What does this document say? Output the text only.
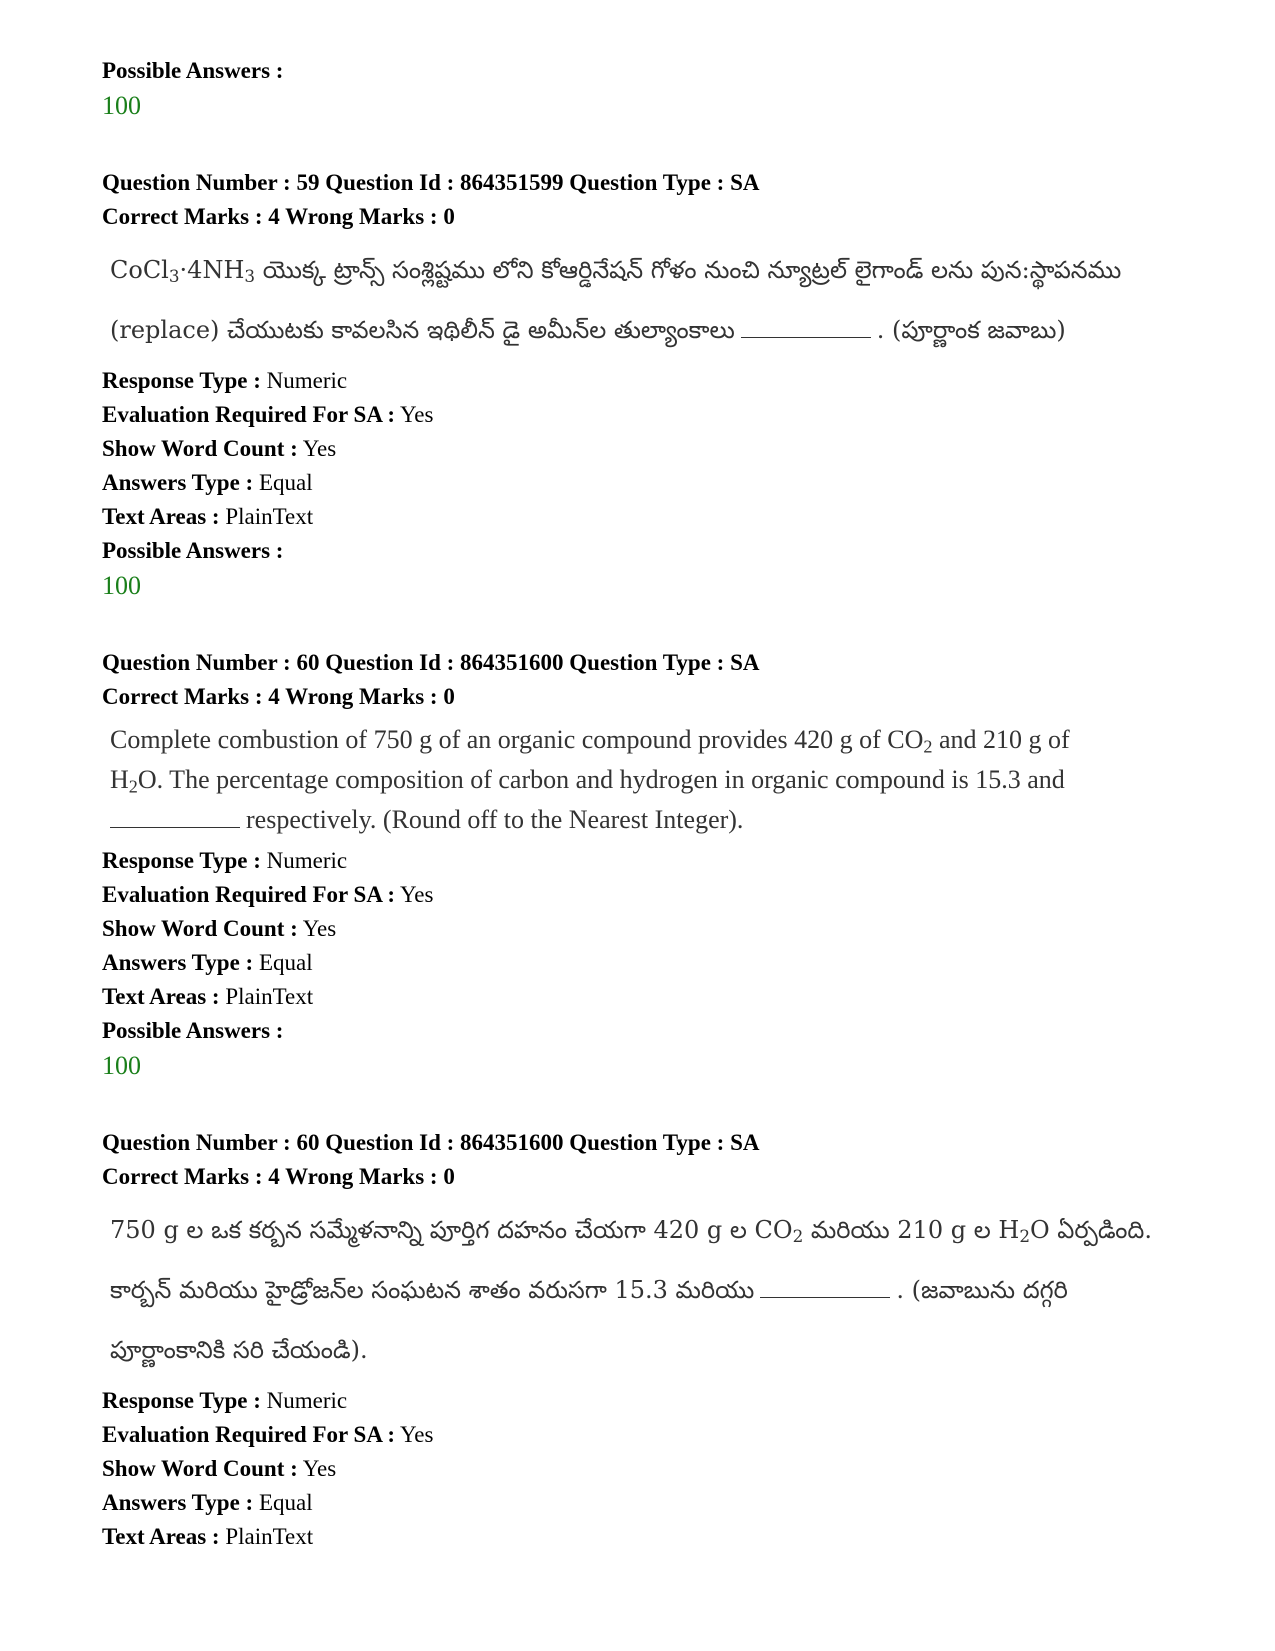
Possible Answers :
100
Question Number : 59 Question Id : 864351599 Question Type : SA
Correct Marks : 4 Wrong Marks : 0
$CoCl_3\cdot 4NH_3$ యొక్క ట్రాన్స్ సంశ్లిష్టము లోని కోఆర్డినేషన్ గోళం నుంచి న్యూట్రల్ లైగాండ్ లను పున:స్థాపనము
(replace) చేయుటకు కావలసిన ఇథిలీన్ డై అమీన్‌ల తుల్యాంకాలు	. (పూర్ణాంక జవాబు)
Response Type : Numeric
Evaluation Required For SA : Yes
Show Word Count : Yes
Answers Type : Equal
Text Areas : PlainText
Possible Answers :
100
Question Number : 60 Question Id : 864351600 Question Type : SA
Correct Marks : 4 Wrong Marks : 0
Complete combustion of 750 g of an organic compound provides 420 g of $CO_2$ and 210 g of
$H_2O$. The percentage composition of carbon and hydrogen in organic compound is 15.3 and
respectively. (Round off to the Nearest Integer).
Response Type : Numeric
Evaluation Required For SA : Yes
Show Word Count : Yes
Answers Type : Equal
Text Areas : PlainText
Possible Answers :
100
Question Number : 60 Question Id : 864351600 Question Type : SA
Correct Marks : 4 Wrong Marks : 0
750 g ల ఒక కర్బన సమ్మేళనాన్ని పూర్తిగ దహనం చేయగా 420 g ల $CO_2$ మరియు 210 g ల $H_2O$ ఏర్పడింది.
కార్బన్ మరియు హైడ్రోజన్‌ల సంఘటన శాతం వరుసగా 15.3 మరియు	. (జవాబును దగ్గరి
పూర్ణాంకానికి సరి చేయండి).
Response Type : Numeric
Evaluation Required For SA : Yes
Show Word Count : Yes
Answers Type : Equal
Text Areas : PlainText
